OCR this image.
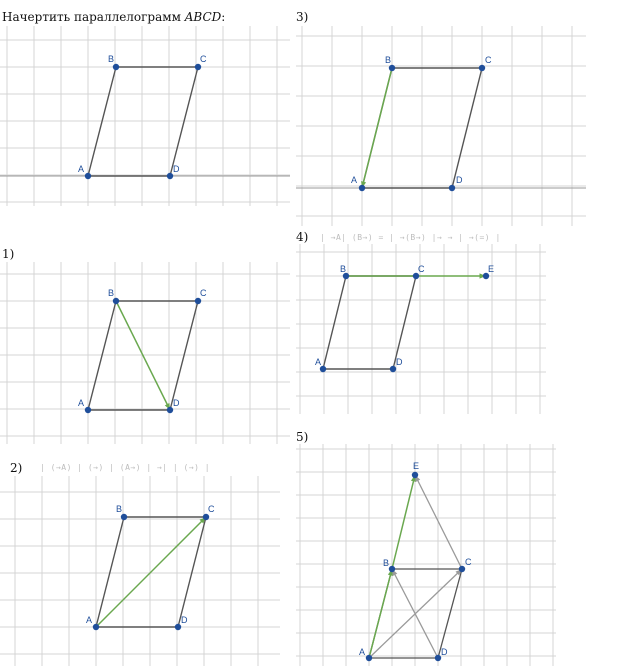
Начертить параллелограмм ABCD:	3)
1)
4) | →A| (B→) = | →(B→) |→ → | →(=) |
5)
2) | (→A) | (→) | (A→) | →| | (→) |
A
B	C
D
A
B	C
D
A
B	C
D
A
B	C
D
E
A
B	C
D
E
A
B	C
D
